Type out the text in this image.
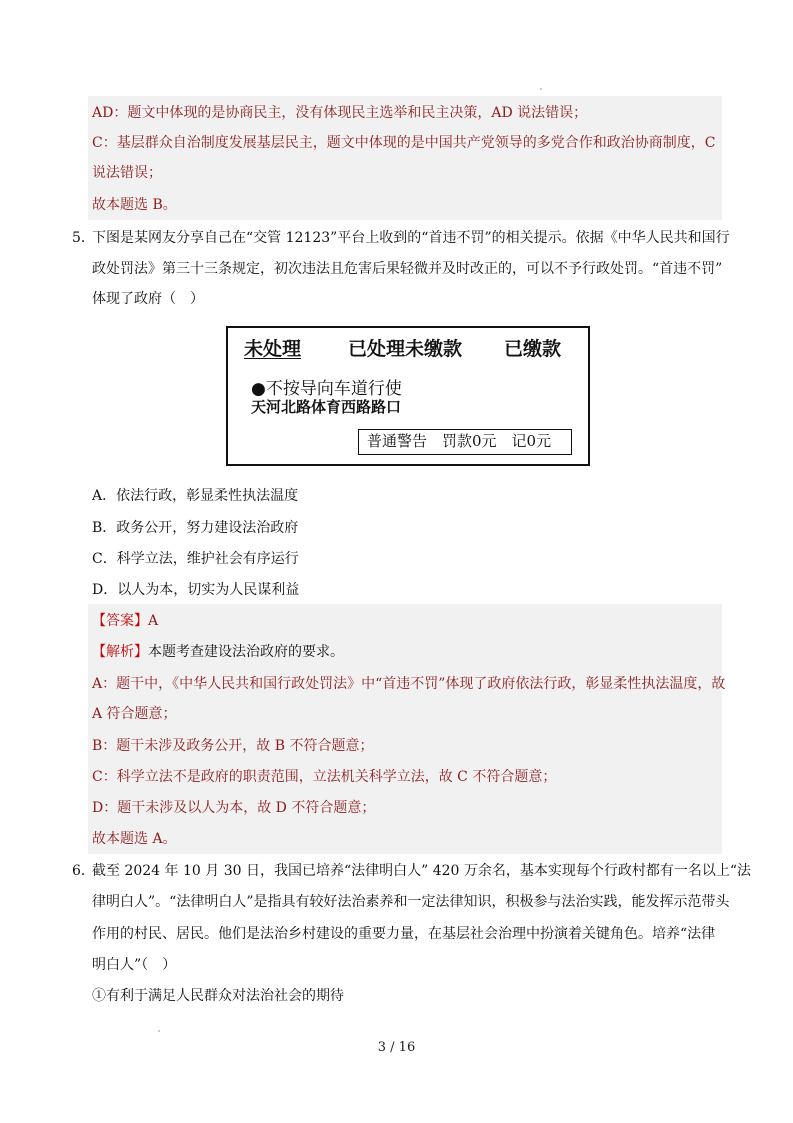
AD：题文中体现的是协商民主，没有体现民主选举和民主决策，AD 说法错误；
C：基层群众自治制度发展基层民主，题文中体现的是中国共产党领导的多党合作和政治协商制度，C
说法错误；
故本题选 B。
5．
下图是某网友分享自己在“交管 12123”平台上收到的“首违不罚”的相关提示。依据《中华人民共和国行
政处罚法》第三十三条规定，初次违法且危害后果轻微并及时改正的，可以不予行政处罚。“首违不罚”
体现了政府（　）
未处理 已处理未缴款 已缴款
●不按导向车道行使
天河北路体育西路路口
普通警告　罚款0元　记0元
A．依法行政，彰显柔性执法温度
B．政务公开，努力建设法治政府
C．科学立法，维护社会有序运行
D．以人为本，切实为人民谋利益
【答案】A
【解析】本题考查建设法治政府的要求。
A：题干中，《中华人民共和国行政处罚法》中“首违不罚”体现了政府依法行政，彰显柔性执法温度，故
A 符合题意；
B：题干未涉及政务公开，故 B 不符合题意；
C：科学立法不是政府的职责范围，立法机关科学立法，故 C 不符合题意；
D：题干未涉及以人为本，故 D 不符合题意；
故本题选 A。
6．
截至 2024 年 10 月 30 日，我国已培养“法律明白人” 420 万余名，基本实现每个行政村都有一名以上“法
律明白人”。“法律明白人”是指具有较好法治素养和一定法律知识，积极参与法治实践，能发挥示范带头
作用的村民、居民。他们是法治乡村建设的重要力量，在基层社会治理中扮演着关键角色。培养“法律
明白人”（　）
①有利于满足人民群众对法治社会的期待
3 / 16
